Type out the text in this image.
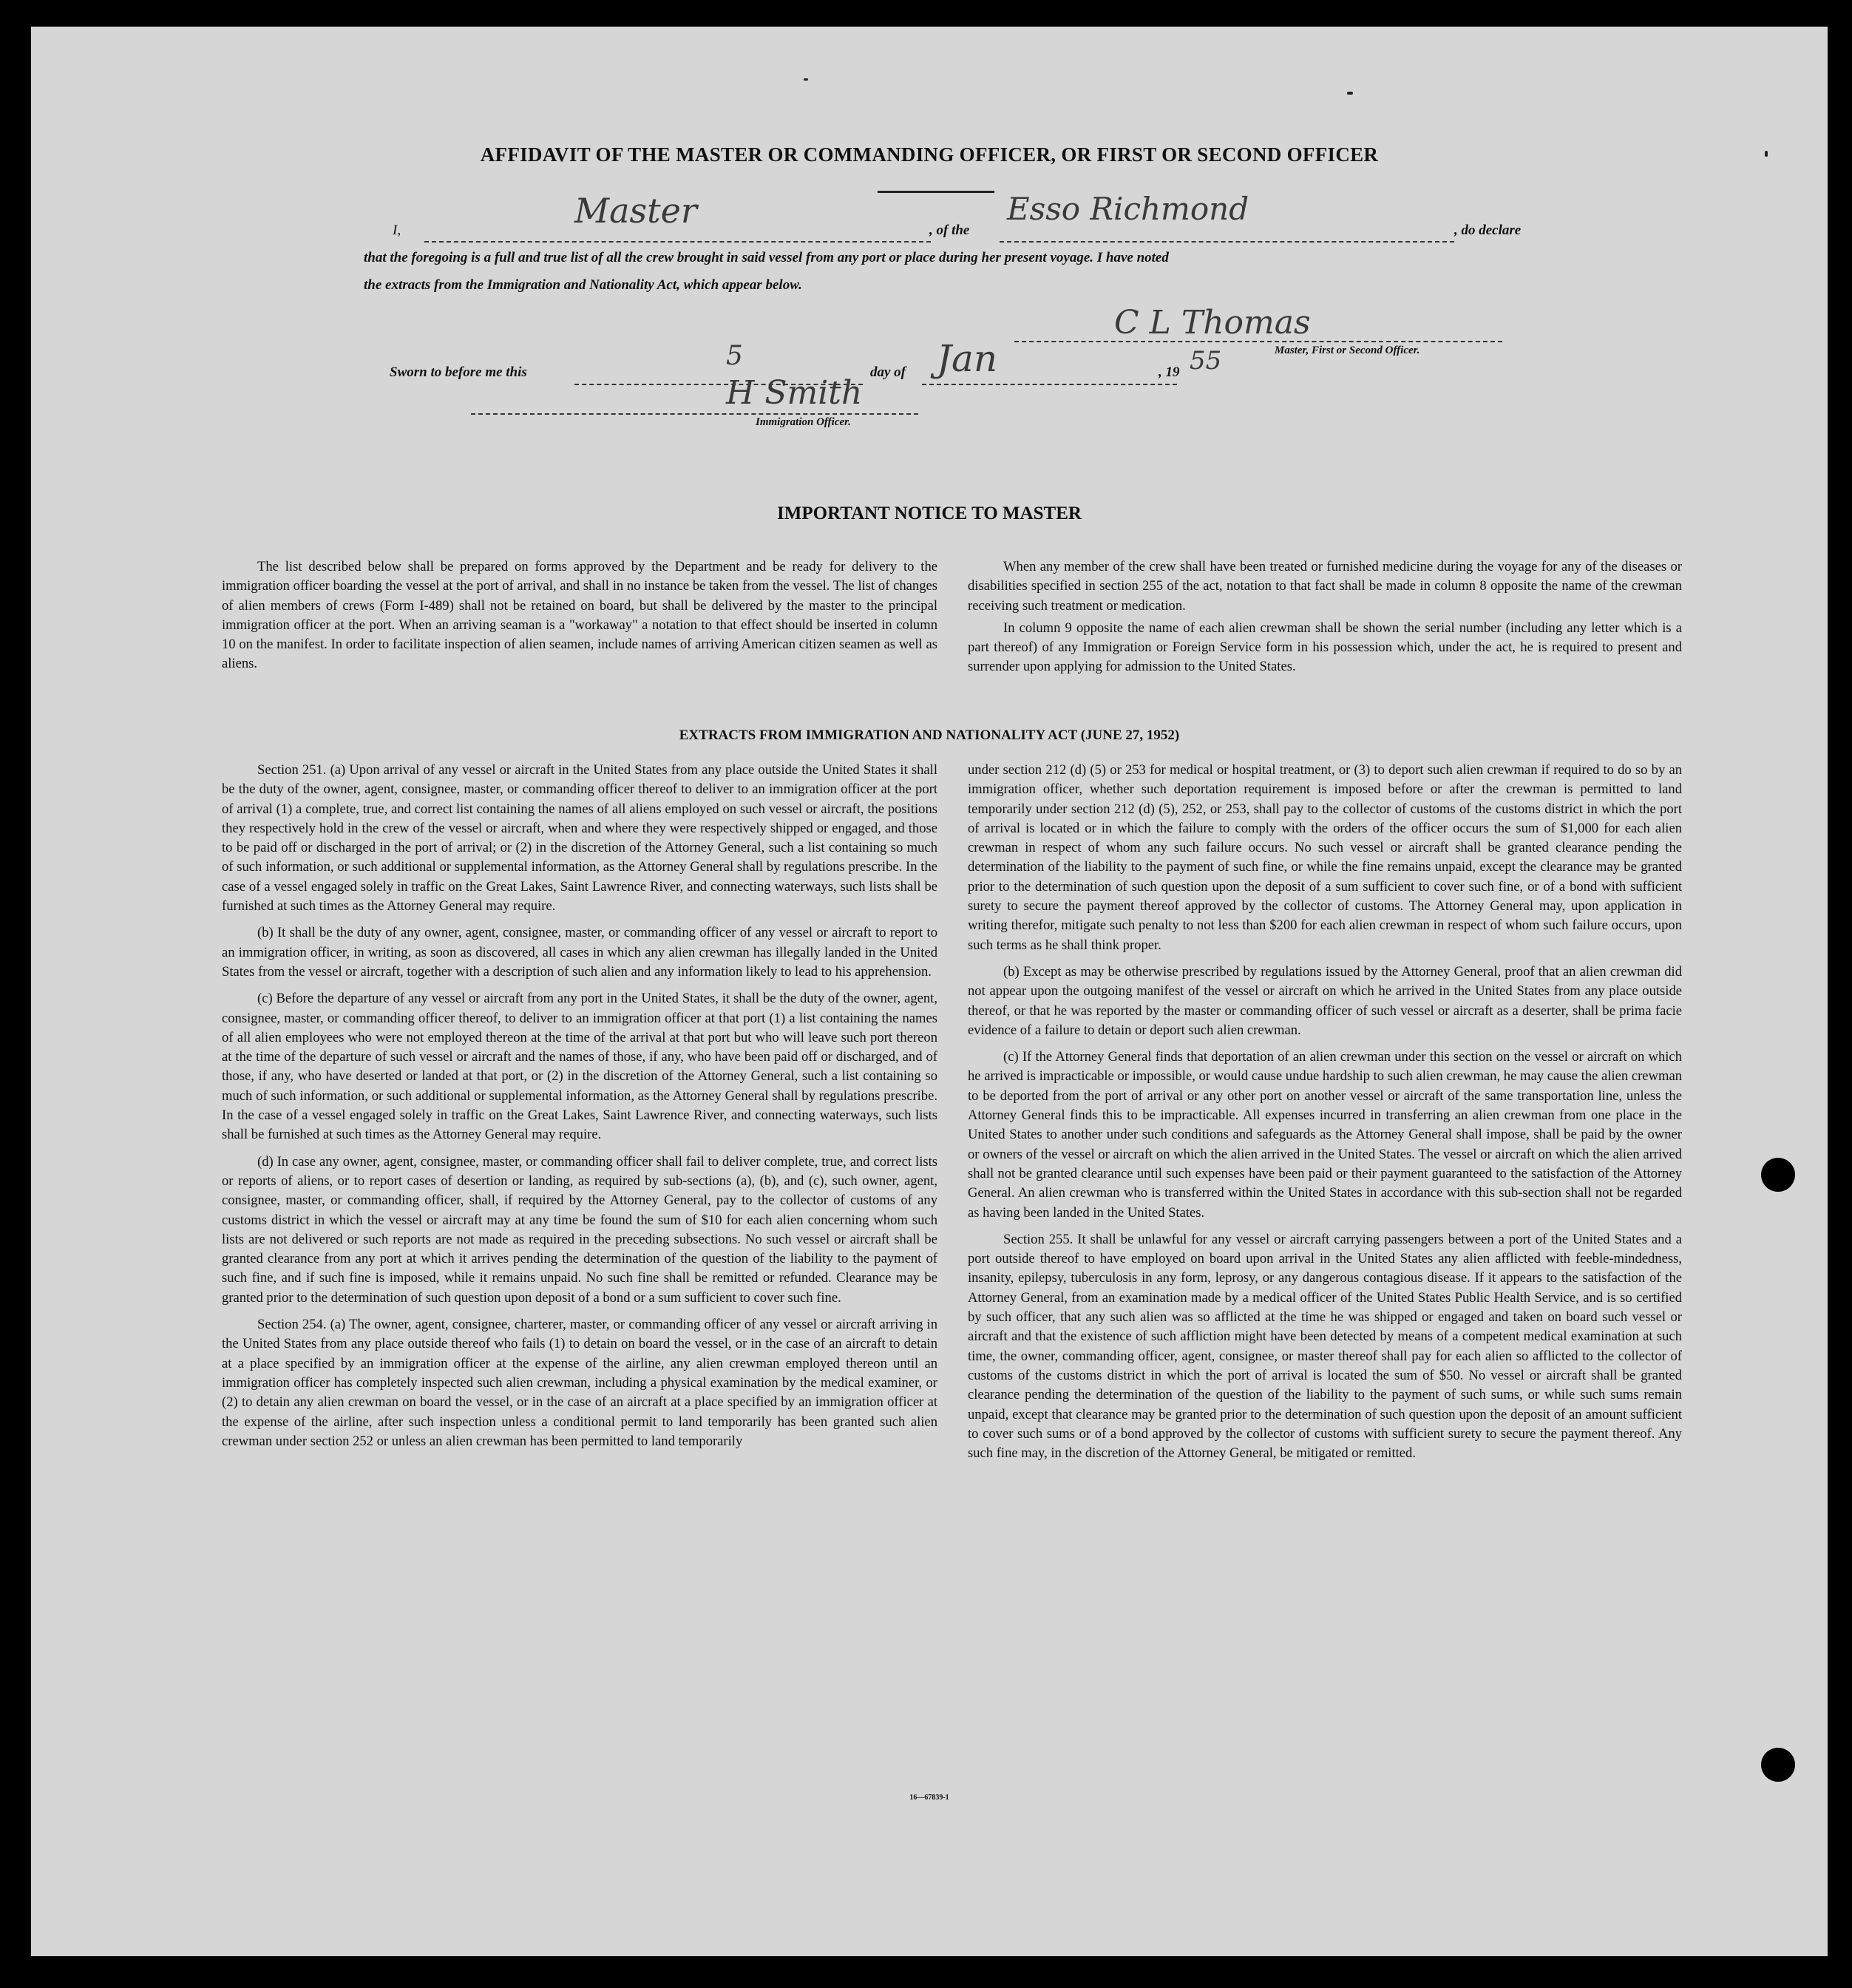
AFFIDAVIT OF THE MASTER OR COMMANDING OFFICER, OR FIRST OR SECOND OFFICER
I,	Master	, of the
Esso Richmond
, do declare
that the foregoing is a full and true list of all the crew brought in said vessel from any port or place during her present voyage. I have noted
the extracts from the Immigration and Nationality Act, which appear below.
C L Thomas
Master, First or Second Officer.
Sworn to before me this
5
day of Jan	, 19 55
H Smith
Immigration Officer.
IMPORTANT NOTICE TO MASTER

The list described below shall be prepared on forms approved by the Department and be ready for delivery to the immigration officer boarding the vessel at the port of arrival, and shall in no instance be taken from the vessel. The list of changes of alien members of crews (Form I-489) shall not be retained on board, but shall be delivered by the master to the principal immigration officer at the port. When an arriving seaman is a "workaway" a notation to that effect should be inserted in column 10 on the manifest. In order to facilitate inspection of alien seamen, include names of arriving American citizen seamen as well as aliens.

When any member of the crew shall have been treated or furnished medicine during the voyage for any of the diseases or disabilities specified in section 255 of the act, notation to that fact shall be made in column 8 opposite the name of the crewman receiving such treatment or medication.

In column 9 opposite the name of each alien crewman shall be shown the serial number (including any letter which is a part thereof) of any Immigration or Foreign Service form in his possession which, under the act, he is required to present and surrender upon applying for admission to the United States.

EXTRACTS FROM IMMIGRATION AND NATIONALITY ACT (JUNE 27, 1952)

Section 251. (a) Upon arrival of any vessel or aircraft in the United States from any place outside the United States it shall be the duty of the owner, agent, consignee, master, or commanding officer thereof to deliver to an immigration officer at the port of arrival (1) a complete, true, and correct list containing the names of all aliens employed on such vessel or aircraft, the positions they respectively hold in the crew of the vessel or aircraft, when and where they were respectively shipped or engaged, and those to be paid off or discharged in the port of arrival; or (2) in the discretion of the Attorney General, such a list containing so much of such information, or such additional or supplemental information, as the Attorney General shall by regulations prescribe. In the case of a vessel engaged solely in traffic on the Great Lakes, Saint Lawrence River, and connecting waterways, such lists shall be furnished at such times as the Attorney General may require.

(b) It shall be the duty of any owner, agent, consignee, master, or commanding officer of any vessel or aircraft to report to an immigration officer, in writing, as soon as discovered, all cases in which any alien crewman has illegally landed in the United States from the vessel or aircraft, together with a description of such alien and any information likely to lead to his apprehension.

(c) Before the departure of any vessel or aircraft from any port in the United States, it shall be the duty of the owner, agent, consignee, master, or commanding officer thereof, to deliver to an immigration officer at that port (1) a list containing the names of all alien employees who were not employed thereon at the time of the arrival at that port but who will leave such port thereon at the time of the departure of such vessel or aircraft and the names of those, if any, who have been paid off or discharged, and of those, if any, who have deserted or landed at that port, or (2) in the discretion of the Attorney General, such a list containing so much of such information, or such additional or supplemental information, as the Attorney General shall by regulations prescribe. In the case of a vessel engaged solely in traffic on the Great Lakes, Saint Lawrence River, and connecting waterways, such lists shall be furnished at such times as the Attorney General may require.

(d) In case any owner, agent, consignee, master, or commanding officer shall fail to deliver complete, true, and correct lists or reports of aliens, or to report cases of desertion or landing, as required by sub-sections (a), (b), and (c), such owner, agent, consignee, master, or commanding officer, shall, if required by the Attorney General, pay to the collector of customs of any customs district in which the vessel or aircraft may at any time be found the sum of $10 for each alien concerning whom such lists are not delivered or such reports are not made as required in the preceding subsections. No such vessel or aircraft shall be granted clearance from any port at which it arrives pending the determination of the question of the liability to the payment of such fine, and if such fine is imposed, while it remains unpaid. No such fine shall be remitted or refunded. Clearance may be granted prior to the determination of such question upon deposit of a bond or a sum sufficient to cover such fine.

Section 254. (a) The owner, agent, consignee, charterer, master, or commanding officer of any vessel or aircraft arriving in the United States from any place outside thereof who fails (1) to detain on board the vessel, or in the case of an aircraft to detain at a place specified by an immigration officer at the expense of the airline, any alien crewman employed thereon until an immigration officer has completely inspected such alien crewman, including a physical examination by the medical examiner, or (2) to detain any alien crewman on board the vessel, or in the case of an aircraft at a place specified by an immigration officer at the expense of the airline, after such inspection unless a conditional permit to land temporarily has been granted such alien crewman under section 252 or unless an alien crewman has been permitted to land temporarily

under section 212 (d) (5) or 253 for medical or hospital treatment, or (3) to deport such alien crewman if required to do so by an immigration officer, whether such deportation requirement is imposed before or after the crewman is permitted to land temporarily under section 212 (d) (5), 252, or 253, shall pay to the collector of customs of the customs district in which the port of arrival is located or in which the failure to comply with the orders of the officer occurs the sum of $1,000 for each alien crewman in respect of whom any such failure occurs. No such vessel or aircraft shall be granted clearance pending the determination of the liability to the payment of such fine, or while the fine remains unpaid, except the clearance may be granted prior to the determination of such question upon the deposit of a sum sufficient to cover such fine, or of a bond with sufficient surety to secure the payment thereof approved by the collector of customs. The Attorney General may, upon application in writing therefor, mitigate such penalty to not less than $200 for each alien crewman in respect of whom such failure occurs, upon such terms as he shall think proper.

(b) Except as may be otherwise prescribed by regulations issued by the Attorney General, proof that an alien crewman did not appear upon the outgoing manifest of the vessel or aircraft on which he arrived in the United States from any place outside thereof, or that he was reported by the master or commanding officer of such vessel or aircraft as a deserter, shall be prima facie evidence of a failure to detain or deport such alien crewman.

(c) If the Attorney General finds that deportation of an alien crewman under this section on the vessel or aircraft on which he arrived is impracticable or impossible, or would cause undue hardship to such alien crewman, he may cause the alien crewman to be deported from the port of arrival or any other port on another vessel or aircraft of the same transportation line, unless the Attorney General finds this to be impracticable. All expenses incurred in transferring an alien crewman from one place in the United States to another under such conditions and safeguards as the Attorney General shall impose, shall be paid by the owner or owners of the vessel or aircraft on which the alien arrived in the United States. The vessel or aircraft on which the alien arrived shall not be granted clearance until such expenses have been paid or their payment guaranteed to the satisfaction of the Attorney General. An alien crewman who is transferred within the United States in accordance with this sub-section shall not be regarded as having been landed in the United States.

Section 255. It shall be unlawful for any vessel or aircraft carrying passengers between a port of the United States and a port outside thereof to have employed on board upon arrival in the United States any alien afflicted with feeble-mindedness, insanity, epilepsy, tuberculosis in any form, leprosy, or any dangerous contagious disease. If it appears to the satisfaction of the Attorney General, from an examination made by a medical officer of the United States Public Health Service, and is so certified by such officer, that any such alien was so afflicted at the time he was shipped or engaged and taken on board such vessel or aircraft and that the existence of such affliction might have been detected by means of a competent medical examination at such time, the owner, commanding officer, agent, consignee, or master thereof shall pay for each alien so afflicted to the collector of customs of the customs district in which the port of arrival is located the sum of $50. No vessel or aircraft shall be granted clearance pending the determination of the question of the liability to the payment of such sums, or while such sums remain unpaid, except that clearance may be granted prior to the determination of such question upon the deposit of an amount sufficient to cover such sums or of a bond approved by the collector of customs with sufficient surety to secure the payment thereof. Any such fine may, in the discretion of the Attorney General, be mitigated or remitted.

16—67839-1
